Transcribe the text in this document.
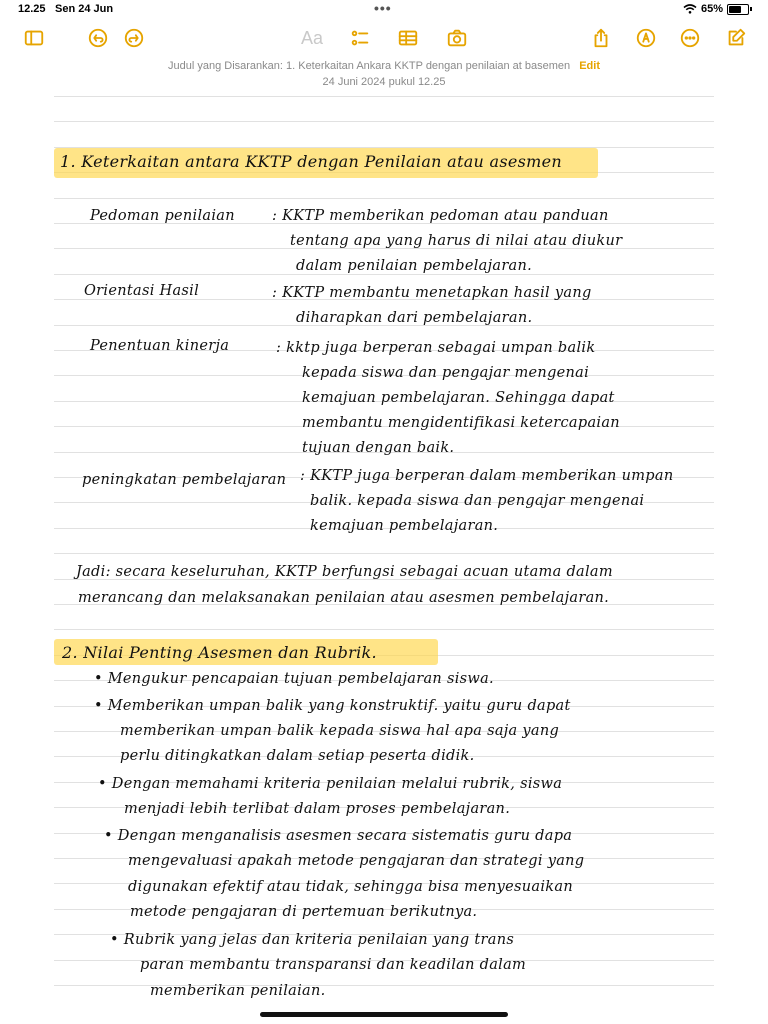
12.25 Sen 24 Jun	•••	65%
Aa
Judul yang Disarankan: 1. Keterkaitan Ankara KKTP dengan penilaian at basemen Edit
24 Juni 2024 pukul 12.25
1. Keterkaitan antara KKTP dengan Penilaian atau asesmen
Pedoman penilaian	: KKTP memberikan pedoman atau panduan
tentang apa yang harus di nilai atau diukur
dalam penilaian pembelajaran.
Orientasi Hasil	: KKTP membantu menetapkan hasil yang
diharapkan dari pembelajaran.
Penentuan kinerja	: kktp juga berperan sebagai umpan balik
kepada siswa dan pengajar mengenai
kemajuan pembelajaran. Sehingga dapat
membantu mengidentifikasi ketercapaian
tujuan dengan baik.
peningkatan pembelajaran : KKTP juga berperan dalam memberikan umpan
balik. kepada siswa dan pengajar mengenai
kemajuan pembelajaran.
Jadi: secara keseluruhan, KKTP berfungsi sebagai acuan utama dalam
merancang dan melaksanakan penilaian atau asesmen pembelajaran.
2. Nilai Penting Asesmen dan Rubrik.
• Mengukur pencapaian tujuan pembelajaran siswa.
• Memberikan umpan balik yang konstruktif. yaitu guru dapat
memberikan umpan balik kepada siswa hal apa saja yang
perlu ditingkatkan dalam setiap peserta didik.
• Dengan memahami kriteria penilaian melalui rubrik, siswa
menjadi lebih terlibat dalam proses pembelajaran.
• Dengan menganalisis asesmen secara sistematis guru dapa
mengevaluasi apakah metode pengajaran dan strategi yang
digunakan efektif atau tidak, sehingga bisa menyesuaikan
metode pengajaran di pertemuan berikutnya.
• Rubrik yang jelas dan kriteria penilaian yang trans
paran membantu transparansi dan keadilan dalam
memberikan penilaian.
